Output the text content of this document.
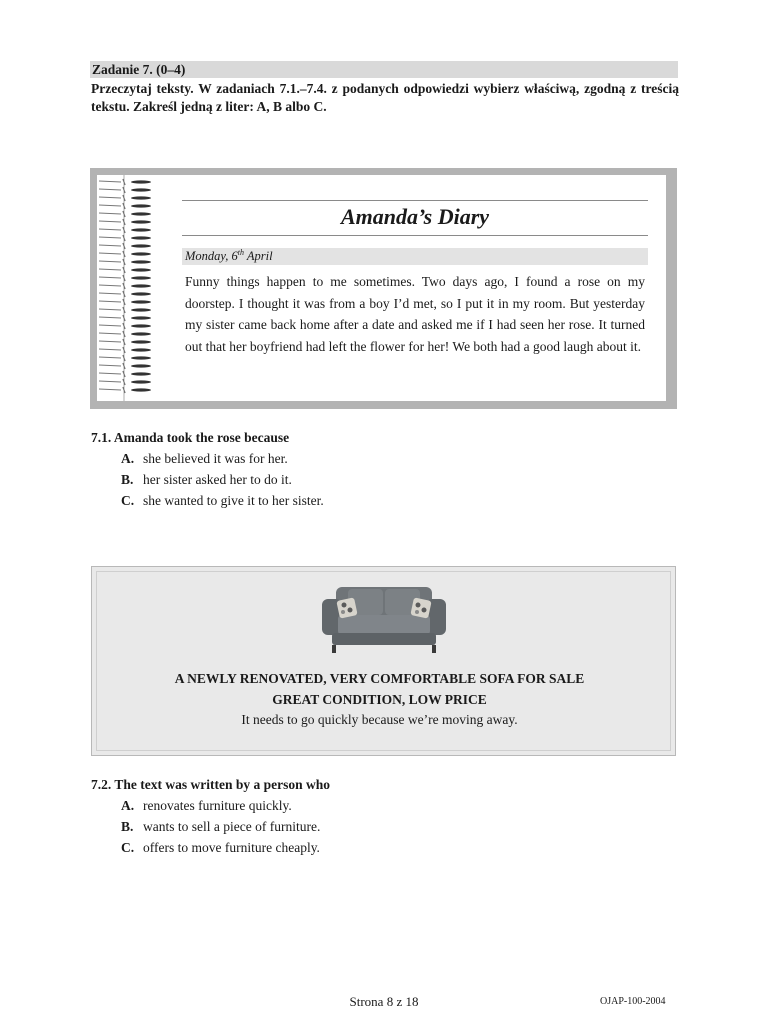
Zadanie 7. (0–4)
Przeczytaj teksty. W zadaniach 7.1.–7.4. z podanych odpowiedzi wybierz właściwą, zgodną z treścią tekstu. Zakreśl jedną z liter: A, B albo C.
Amanda’s Diary
Monday, 6th April
Funny things happen to me sometimes. Two days ago, I found a rose on my doorstep. I thought it was from a boy I’d met, so I put it in my room. But yesterday my sister came back home after a date and asked me if I had seen her rose. It turned out that her boyfriend had left the flower for her! We both had a good laugh about it.
7.1. Amanda took the rose because
A. she believed it was for her.
B. her sister asked her to do it.
C. she wanted to give it to her sister.
A NEWLY RENOVATED, VERY COMFORTABLE SOFA FOR SALE
GREAT CONDITION, LOW PRICE
It needs to go quickly because we’re moving away.
7.2. The text was written by a person who
A. renovates furniture quickly.
B. wants to sell a piece of furniture.
C. offers to move furniture cheaply.
Strona 8 z 18	OJAP-100-2004
